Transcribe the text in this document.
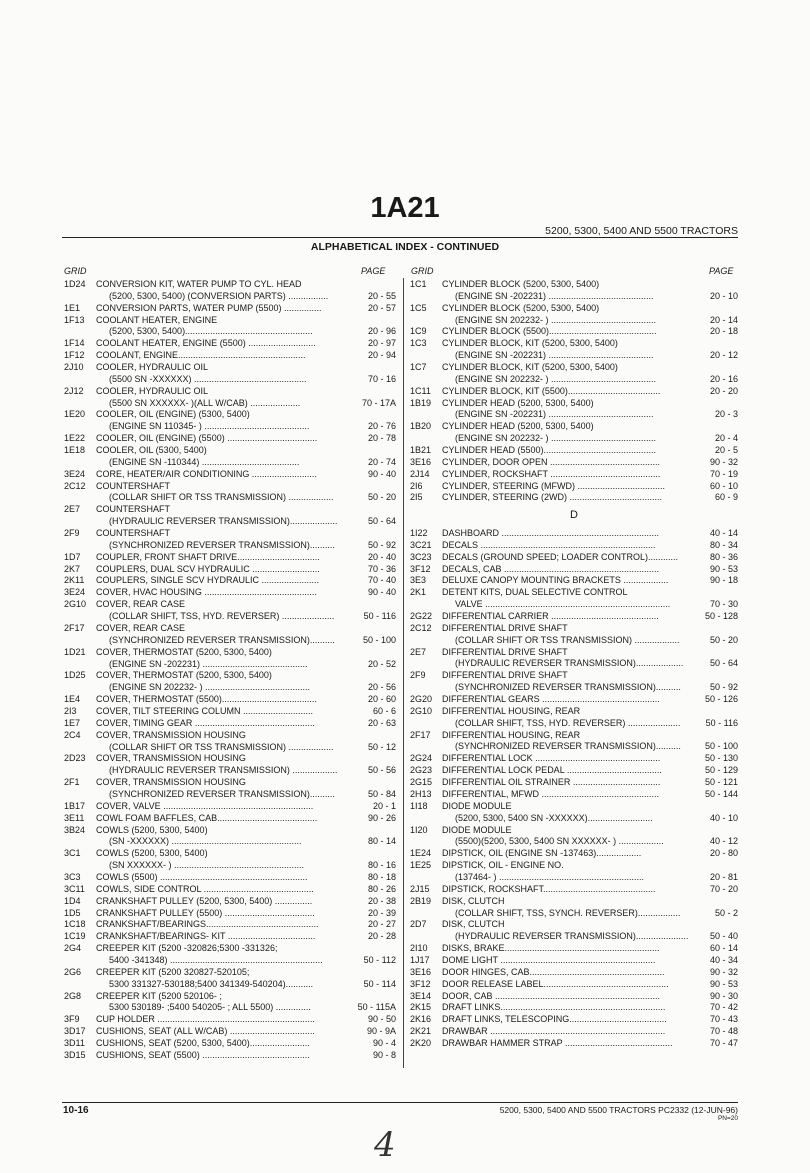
1A21
5200, 5300, 5400 AND 5500 TRACTORS
ALPHABETICAL INDEX - CONTINUED
GRID	PAGE	GRID	PAGE
1D24 CONVERSION KIT, WATER PUMP TO CYL. HEAD
(5200, 5300, 5400) (CONVERSION PARTS) ................	20 - 55
1E1 CONVERSION PARTS, WATER PUMP (5500) ...............	20 - 57
1F13 COOLANT HEATER, ENGINE
(5200, 5300, 5400)...................................................	20 - 96
1F14 COOLANT HEATER, ENGINE (5500) ...........................	20 - 97
1F12 COOLANT, ENGINE...................................................	20 - 94
2J10 COOLER, HYDRAULIC OIL
(5500 SN -XXXXXX) .............................................	70 - 16
2J12 COOLER, HYDRAULIC OIL
(5500 SN XXXXXX- )(ALL W/CAB) ....................	70 - 17A
1E20 COOLER, OIL (ENGINE) (5300, 5400)
(ENGINE SN 110345- ) ..........................................	20 - 76
1E22 COOLER, OIL (ENGINE) (5500) ....................................	20 - 78
1E18 COOLER, OIL (5300, 5400)
(ENGINE SN -110344) .......................................	20 - 74
3E24 CORE, HEATER/AIR CONDITIONING ..........................	90 - 40
2C12 COUNTERSHAFT
(COLLAR SHIFT OR TSS TRANSMISSION) ..................	50 - 20
2E7 COUNTERSHAFT
(HYDRAULIC REVERSER TRANSMISSION)...................	50 - 64
2F9 COUNTERSHAFT
(SYNCHRONIZED REVERSER TRANSMISSION)..........	50 - 92
1D7 COUPLER, FRONT SHAFT DRIVE.................................	20 - 40
2K7 COUPLERS, DUAL SCV HYDRAULIC ...........................	70 - 36
2K11 COUPLERS, SINGLE SCV HYDRAULIC .......................	70 - 40
3E24 COVER, HVAC HOUSING .............................................	90 - 40
2G10 COVER, REAR CASE
(COLLAR SHIFT, TSS, HYD. REVERSER) .....................	50 - 116
2F17 COVER, REAR CASE
(SYNCHRONIZED REVERSER TRANSMISSION)..........	50 - 100
1D21 COVER, THERMOSTAT (5200, 5300, 5400)
(ENGINE SN -202231) ..........................................	20 - 52
1D25 COVER, THERMOSTAT (5200, 5300, 5400)
(ENGINE SN 202232- ) ..........................................	20 - 56
1E4 COVER, THERMOSTAT (5500)......................................	20 - 60
2I3 COVER, TILT STEERING COLUMN ............................	60 - 6
1E7 COVER, TIMING GEAR ................................................	20 - 63
2C4 COVER, TRANSMISSION HOUSING
(COLLAR SHIFT OR TSS TRANSMISSION) ..................	50 - 12
2D23 COVER, TRANSMISSION HOUSING
(HYDRAULIC REVERSER TRANSMISSION) ..................	50 - 56
2F1 COVER, TRANSMISSION HOUSING
(SYNCHRONIZED REVERSER TRANSMISSION)..........	50 - 84
1B17 COVER, VALVE ............................................................	20 - 1
3E11 COWL FOAM BAFFLES, CAB........................................	90 - 26
3B24 COWLS (5200, 5300, 5400)
(SN -XXXXXX) ....................................................	80 - 14
3C1 COWLS (5200, 5300, 5400)
(SN XXXXXX- ) ....................................................	80 - 16
3C3 COWLS (5500) ...........................................................	80 - 18
3C11 COWLS, SIDE CONTROL ............................................	80 - 26
1D4 CRANKSHAFT PULLEY (5200, 5300, 5400) ...............	20 - 38
1D5 CRANKSHAFT PULLEY (5500) ....................................	20 - 39
1C18 CRANKSHAFT/BEARINGS.............................................	20 - 27
1C19 CRANKSHAFT/BEARINGS- KIT ...................................	20 - 28
2G4 CREEPER KIT (5200 -320826;5300 -331326;
5400 -341348) .............................................................	50 - 112
2G6 CREEPER KIT (5200 320827-520105;
5300 331327-530188;5400 341349-540204)...........	50 - 114
2G8 CREEPER KIT (5200 520106- ;
5300 530189- ;5400 540205- ; ALL 5500) ..............	50 - 115A
3F9 CUP HOLDER ...............................................................	90 - 50
3D17 CUSHIONS, SEAT (ALL W/CAB) ..................................	90 - 9A
3D11 CUSHIONS, SEAT (5200, 5300, 5400)........................	90 - 4
3D15 CUSHIONS, SEAT (5500) ...........................................	90 - 8
1C1 CYLINDER BLOCK (5200, 5300, 5400)
(ENGINE SN -202231) ..........................................	20 - 10
1C5 CYLINDER BLOCK (5200, 5300, 5400)
(ENGINE SN 202232- ) ..........................................	20 - 14
1C9 CYLINDER BLOCK (5500)...........................................	20 - 18
1C3 CYLINDER BLOCK, KIT (5200, 5300, 5400)
(ENGINE SN -202231) ..........................................	20 - 12
1C7 CYLINDER BLOCK, KIT (5200, 5300, 5400)
(ENGINE SN 202232- ) ..........................................	20 - 16
1C11 CYLINDER BLOCK, KIT (5500).....................................	20 - 20
1B19 CYLINDER HEAD (5200, 5300, 5400)
(ENGINE SN -202231) ..........................................	20 - 3
1B20 CYLINDER HEAD (5200, 5300, 5400)
(ENGINE SN 202232- ) ..........................................	20 - 4
1B21 CYLINDER HEAD (5500).............................................	20 - 5
3E16 CYLINDER, DOOR OPEN ............................................	90 - 32
2J14 CYLINDER, ROCKSHAFT ............................................	70 - 19
2I6 CYLINDER, STEERING (MFWD) ...................................	60 - 10
2I5 CYLINDER, STEERING (2WD) .....................................	60 - 9
D
1I22 DASHBOARD ...............................................................	40 - 14
3C21 DECALS ......................................................................	80 - 34
3C23 DECALS (GROUND SPEED; LOADER CONTROL)............	80 - 36
3F12 DECALS, CAB ..............................................................	90 - 53
3E3 DELUXE CANOPY MOUNTING BRACKETS ..................	90 - 18
2K1 DETENT KITS, DUAL SELECTIVE CONTROL
VALVE ..........................................................................	70 - 30
2G22 DIFFERENTIAL CARRIER ...........................................	50 - 128
2C12 DIFFERENTIAL DRIVE SHAFT
(COLLAR SHIFT OR TSS TRANSMISSION) ..................	50 - 20
2E7 DIFFERENTIAL DRIVE SHAFT
(HYDRAULIC REVERSER TRANSMISSION)...................	50 - 64
2F9 DIFFERENTIAL DRIVE SHAFT
(SYNCHRONIZED REVERSER TRANSMISSION)..........	50 - 92
2G20 DIFFERENTIAL GEARS ...............................................	50 - 126
2G10 DIFFERENTIAL HOUSING, REAR
(COLLAR SHIFT, TSS, HYD. REVERSER) .....................	50 - 116
2F17 DIFFERENTIAL HOUSING, REAR
(SYNCHRONIZED REVERSER TRANSMISSION)..........	50 - 100
2G24 DIFFERENTIAL LOCK ..................................................	50 - 130
2G23 DIFFERENTIAL LOCK PEDAL ......................................	50 - 129
2G15 DIFFERENTIAL OIL STRAINER ...................................	50 - 121
2H13 DIFFERENTIAL, MFWD ...............................................	50 - 144
1I18 DIODE MODULE
(5200, 5300, 5400 SN -XXXXXX)..........................	40 - 10
1I20 DIODE MODULE
(5500)(5200, 5300, 5400 SN XXXXXX- ) ..................	40 - 12
1E24 DIPSTICK, OIL (ENGINE SN -137463)..................	20 - 80
1E25 DIPSTICK, OIL - ENGINE NO.
(137464- ) ..........................................................	20 - 81
2J15 DIPSTICK, ROCKSHAFT.............................................	70 - 20
2B19 DISK, CLUTCH
(COLLAR SHIFT, TSS, SYNCH. REVERSER).................	50 - 2
2D7 DISK, CLUTCH
(HYDRAULIC REVERSER TRANSMISSION)..................... 50 - 40
2I10 DISKS, BRAKE..............................................................	60 - 14
1J17 DOME LIGHT ..............................................................	40 - 34
3E16 DOOR HINGES, CAB......................................................	90 - 32
3F12 DOOR RELEASE LABEL..................................................	90 - 53
3E14 DOOR, CAB ..................................................................	90 - 30
2K15 DRAFT LINKS..................................................................	70 - 42
2K16 DRAFT LINKS, TELESCOPING.......................................	70 - 43
2K21 DRAWBAR ......................................................................	70 - 48
2K20 DRAWBAR HAMMER STRAP ...........................................	70 - 47
10-16	5200, 5300, 5400 AND 5500 TRACTORS PC2332 (12-JUN-96)
PN=20
4
